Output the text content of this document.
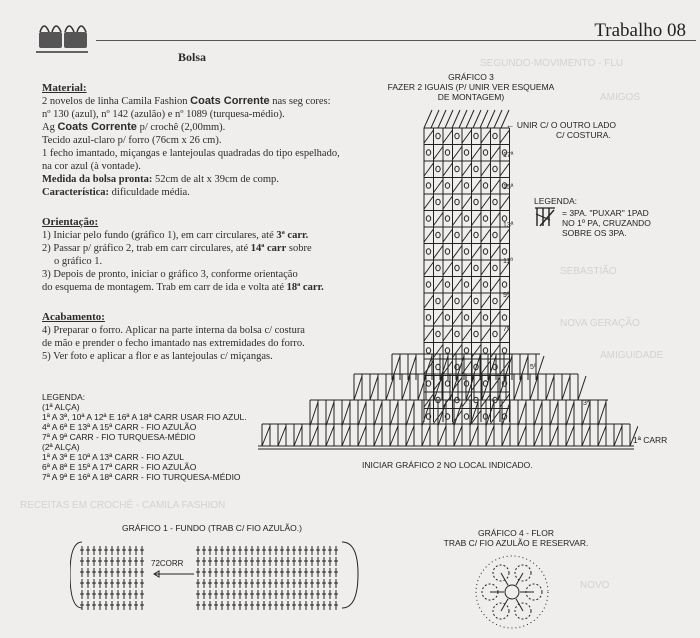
SEGUNDO-MOVIMENTO - FLU
AMIGOS
SEBASTIÃO
NOVA GERAÇÃO
AMIGUIDADE
RECEITAS EM CROCHÊ - CAMILA FASHION
NOVO
Trabalho 08
Bolsa
Material:
2 novelos de linha Camila Fashion Coats Corrente nas seg cores:
nº 130 (azul), nº 142 (azulão) e nº 1089 (turquesa-médio).
Ag Coats Corrente p/ crochê (2,00mm).
Tecido azul-claro p/ forro (76cm x 26 cm).
1 fecho imantado, miçangas e lantejoulas quadradas do tipo espelhado,
na cor azul (à vontade).
Medida da bolsa pronta: 52cm de alt x 39cm de comp.
Característica: dificuldade média.
Orientação:
1) Iniciar pelo fundo (gráfico 1), em carr circulares, até 3ª carr.
2) Passar p/ gráfico 2, trab em carr circulares, até 14ª carr sobre
o gráfico 1.
3) Depois de pronto, iniciar o gráfico 3, conforme orientação
do esquema de montagem. Trab em carr de ida e volta até 18ª carr.
Acabamento:
4) Preparar o forro. Aplicar na parte interna da bolsa c/ costura
de mão e prender o fecho imantado nas extremidades do forro.
5) Ver foto e aplicar a flor e as lantejoulas c/ miçangas.
LEGENDA:
(1ª ALÇA)
1ª A 3ª, 10ª A 12ª E 16ª A 18ª CARR USAR FIO AZUL.
4ª A 6ª E 13ª A 15ª CARR - FIO AZULÃO
7ª A 9ª CARR - FIO TURQUESA-MÉDIO
(2ª ALÇA)
1ª A 3ª E 10ª A 13ª CARR - FIO AZUL
6ª A 8ª E 15ª A 17ª CARR - FIO AZULÃO
7ª A 9ª E 16ª A 18ª CARR - FIO TURQUESA-MÉDIO
GRÁFICO 3
FAZER 2 IGUAIS (P/ UNIR VER ESQUEMA
DE MONTAGEM)
← UNIR C/ O OUTRO LADO
C/ COSTURA.
LEGENDA:
= 3PA. "PUXAR" 1PAD
NO 1º PA, CRUZANDO
SOBRE OS 3PA.
17ª
15ª
13ª
11ª
9ª
7ª
5ª
3ª
1ª CARR
INICIAR GRÁFICO 2 NO LOCAL INDICADO.
GRÁFICO 1 - FUNDO (TRAB C/ FIO AZULÃO.)
72CORR
GRÁFICO 4 - FLOR
TRAB C/ FIO AZULÃO E RESERVAR.
